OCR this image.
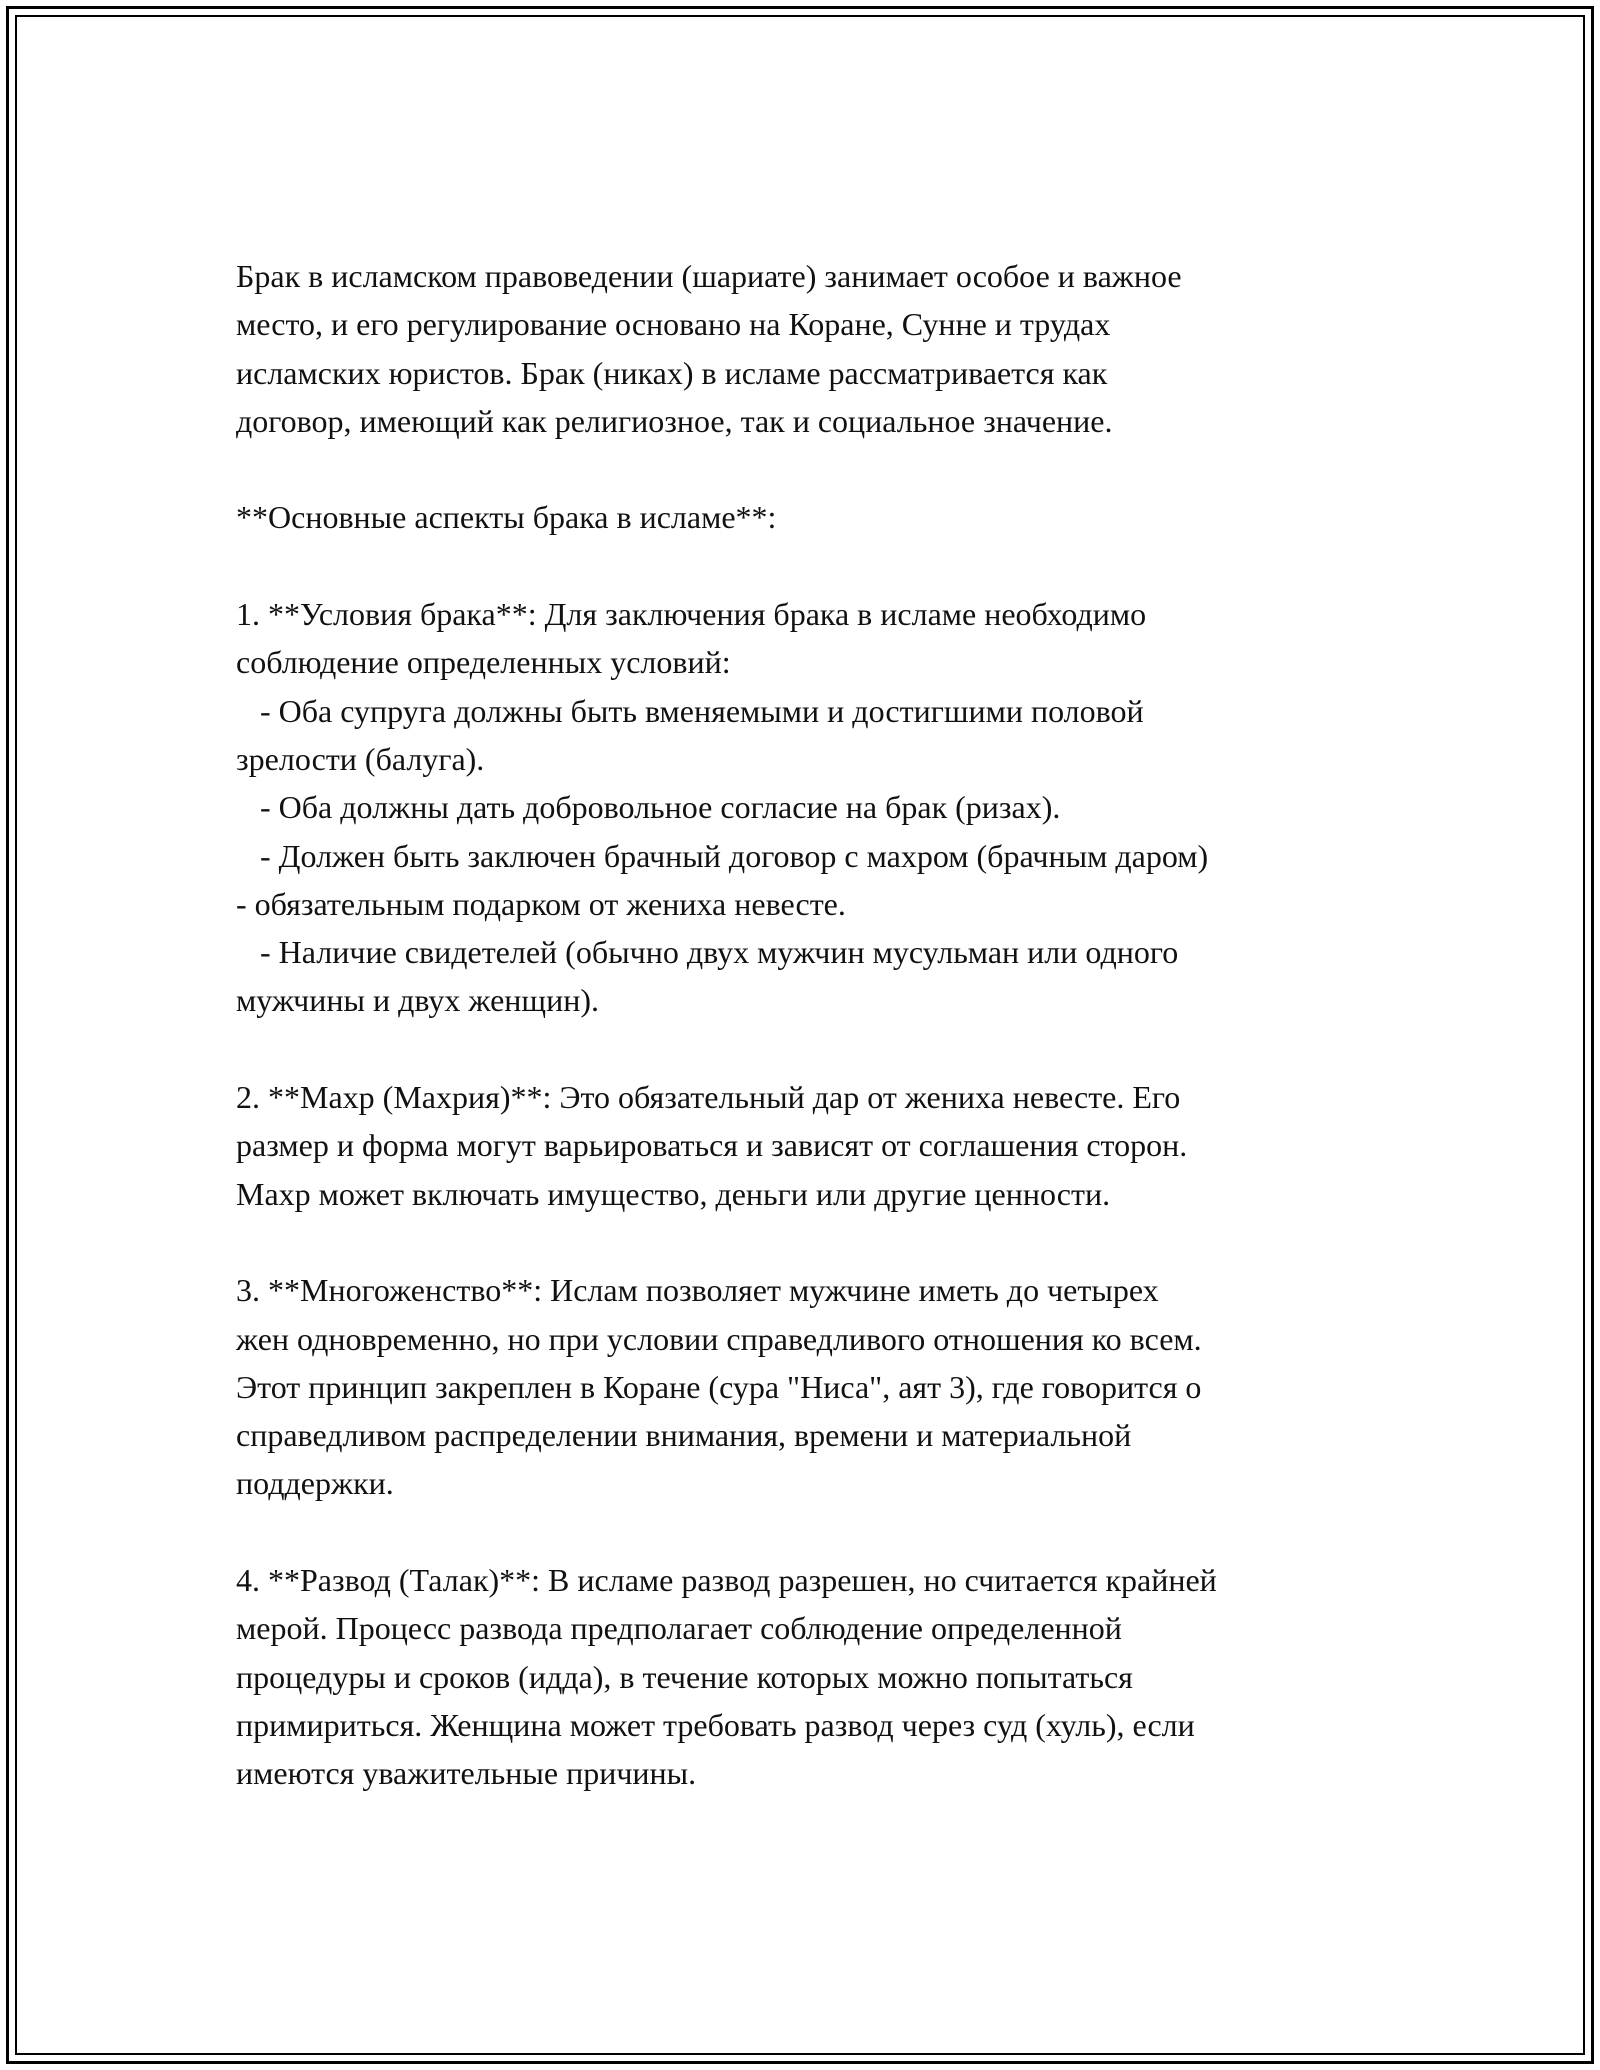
Брак в исламском правоведении (шариате) занимает особое и важное
место, и его регулирование основано на Коране, Сунне и трудах
исламских юристов. Брак (никах) в исламе рассматривается как
договор, имеющий как религиозное, так и социальное значение.
**Основные аспекты брака в исламе**:
1. **Условия брака**: Для заключения брака в исламе необходимо
соблюдение определенных условий:
- Оба супруга должны быть вменяемыми и достигшими половой
зрелости (балуга).
- Оба должны дать добровольное согласие на брак (ризах).
- Должен быть заключен брачный договор с махром (брачным даром)
- обязательным подарком от жениха невесте.
- Наличие свидетелей (обычно двух мужчин мусульман или одного
мужчины и двух женщин).
2. **Махр (Махрия)**: Это обязательный дар от жениха невесте. Его
размер и форма могут варьироваться и зависят от соглашения сторон.
Махр может включать имущество, деньги или другие ценности.
3. **Многоженство**: Ислам позволяет мужчине иметь до четырех
жен одновременно, но при условии справедливого отношения ко всем.
Этот принцип закреплен в Коране (сура "Ниса", аят 3), где говорится о
справедливом распределении внимания, времени и материальной
поддержки.
4. **Развод (Талак)**: В исламе развод разрешен, но считается крайней
мерой. Процесс развода предполагает соблюдение определенной
процедуры и сроков (идда), в течение которых можно попытаться
примириться. Женщина может требовать развод через суд (хуль), если
имеются уважительные причины.
